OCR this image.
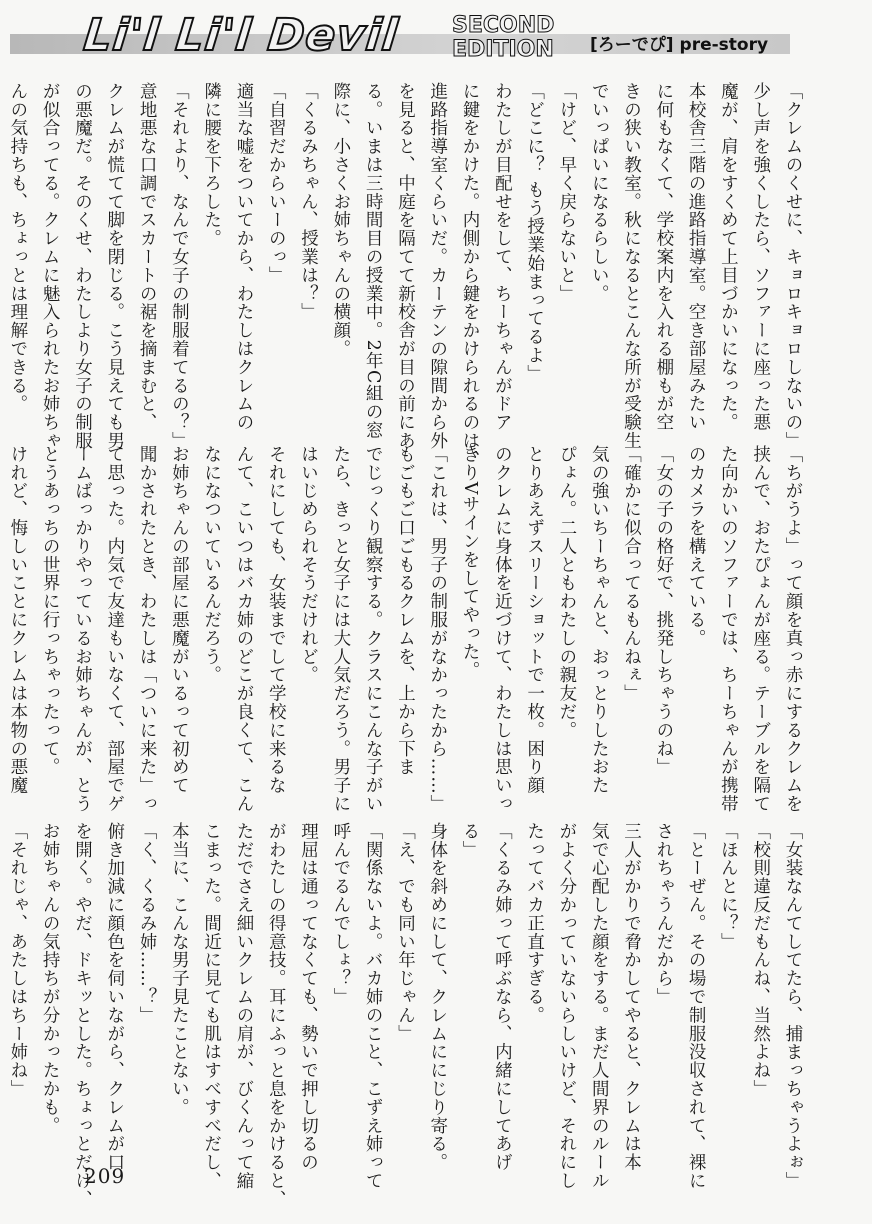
Li'l Li'l Devil SECOND
EDITION [ろーでぴ] pre-story
「クレムのくせに、キョロキョロしないの」
少し声を強くしたら、ソファーに座った悪
魔が、肩をすくめて上目づかいになった。
本校舎三階の進路指導室。空き部屋みたい
に何もなくて、学校案内を入れる棚もが空
きの狭い教室。秋になるとこんな所が受験生
でいっぱいになるらしい。
「けど、早く戻らないと」
「どこに？ もう授業始まってるよ」
わたしが目配せをして、ちーちゃんがドア
に鍵をかけた。内側から鍵をかけられるのは、
進路指導室くらいだ。カーテンの隙間から外
を見ると、中庭を隔てて新校舎が目の前にあ
る。いまは三時間目の授業中。2年C組の窓
際に、小さくお姉ちゃんの横顔。
「くるみちゃん、授業は？」
「自習だからいーのっ」
適当な嘘をついてから、わたしはクレムの
隣に腰を下ろした。
「それより、なんで女子の制服着てるの？」
意地悪な口調でスカートの裾を摘まむと、
クレムが慌てて脚を閉じる。こう見えても男
の悪魔だ。そのくせ、わたしより女子の制服
が似合ってる。クレムに魅入られたお姉ちゃ
んの気持ちも、ちょっとは理解できる。

「ちがうよ」って顔を真っ赤にするクレムを
挟んで、おたぴょんが座る。テーブルを隔て
た向かいのソファーでは、ちーちゃんが携帯
のカメラを構えている。
「女の子の格好で、挑発しちゃうのね」
「確かに似合ってるもんねぇ」
気の強いちーちゃんと、おっとりしたおた
ぴょん。二人ともわたしの親友だ。
とりあえずスリーショットで一枚。困り顔
のクレムに身体を近づけて、わたしは思いっ
きりVサインをしてやった。
「これは、男子の制服がなかったから……」
もごもご口ごもるクレムを、上から下ま
でじっくり観察する。クラスにこんな子がい
たら、きっと女子には大人気だろう。男子に
はいじめられそうだけれど。
それにしても、女装までして学校に来るな
んて、こいつはバカ姉のどこが良くて、こん
なになついているんだろう。
お姉ちゃんの部屋に悪魔がいるって初めて
聞かされたとき、わたしは「ついに来た」っ
て思った。内気で友達もいなくて、部屋でゲ
ームばっかりやっているお姉ちゃんが、とう
とうあっちの世界に行っちゃったって。
けれど、悔しいことにクレムは本物の悪魔

「女装なんてしてたら、捕まっちゃうよぉ」
「校則違反だもんね、当然よね」
「ほんとに？」
「とーぜん。その場で制服没収されて、裸に
されちゃうんだから」
三人がかりで脅かしてやると、クレムは本
気で心配した顔をする。まだ人間界のルール
がよく分かっていないらしいけど、それにし
たってバカ正直すぎる。
「くるみ姉って呼ぶなら、内緒にしてあげ
る」
身体を斜めにして、クレムににじり寄る。
「え、でも同い年じゃん」
「関係ないよ。バカ姉のこと、こずえ姉って
呼んでるんでしょ？」
理屈は通ってなくても、勢いで押し切るの
がわたしの得意技。耳にふっと息をかけると、
ただでさえ細いクレムの肩が、びくんって縮
こまった。間近に見ても肌はすべすべだし、
本当に、こんな男子見たことない。
「く、くるみ姉……？」
俯き加減に顔色を伺いながら、クレムが口
を開く。やだ、ドキッとした。ちょっとだけ、
お姉ちゃんの気持ちが分かったかも。
「それじゃ、あたしはちー姉ね」

209
